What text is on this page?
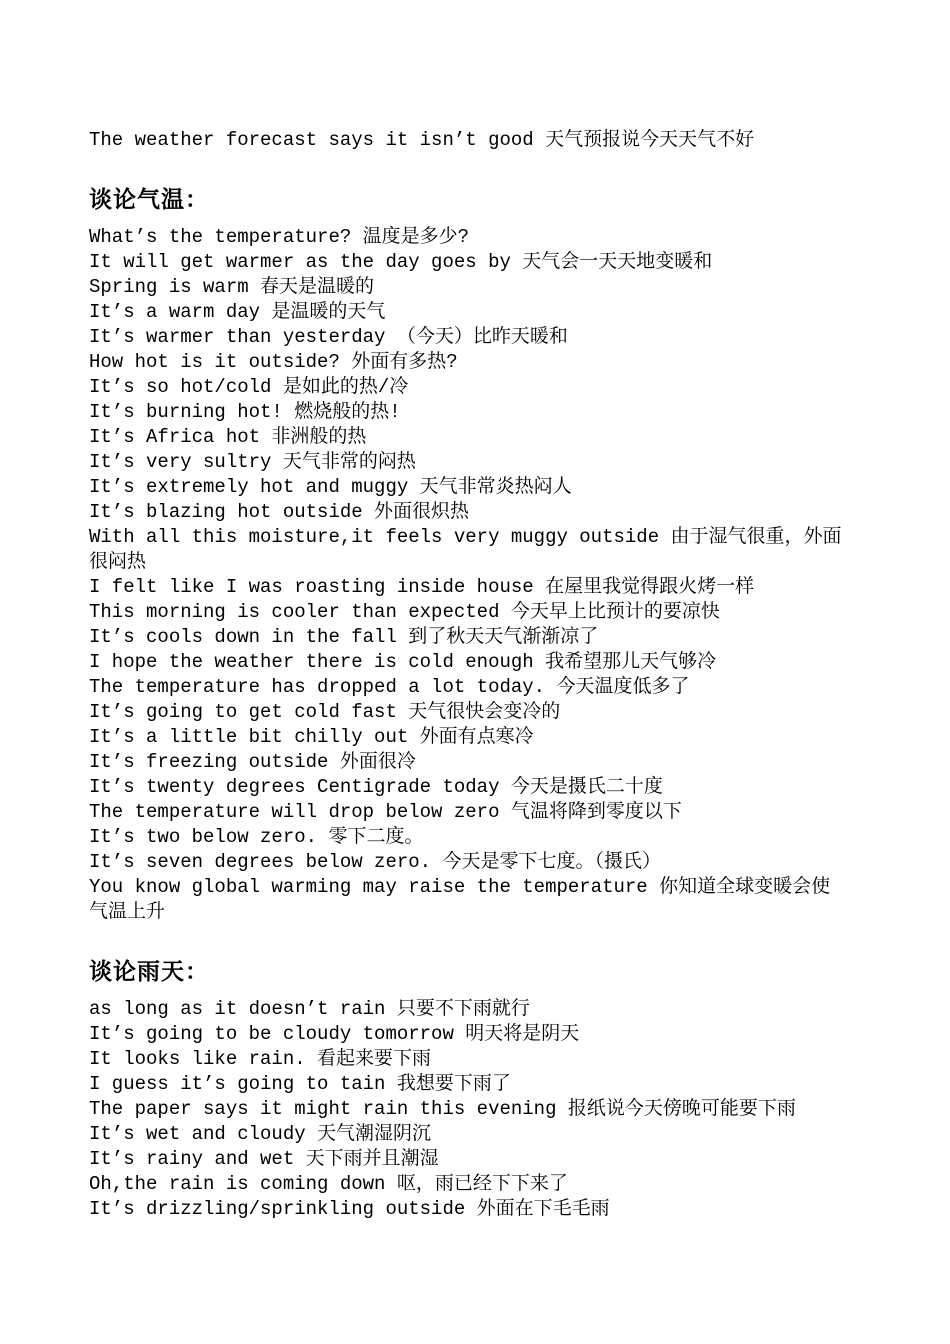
The weather forecast says it isn’t good 天气预报说今天天气不好

谈论气温：

What’s the temperature? 温度是多少?

It will get warmer as the day goes by 天气会一天天地变暖和

Spring is warm 春天是温暖的

It’s a warm day 是温暖的天气

It’s warmer than yesterday （今天）比昨天暖和

How hot is it outside? 外面有多热?

It’s so hot/cold 是如此的热/冷

It’s burning hot! 燃烧般的热!

It’s Africa hot 非洲般的热

It’s very sultry 天气非常的闷热

It’s extremely hot and muggy 天气非常炎热闷人

It’s blazing hot outside 外面很炽热

With all this moisture,it feels very muggy outside 由于湿气很重，外面很闷热

I felt like I was roasting inside house 在屋里我觉得跟火烤一样

This morning is cooler than expected 今天早上比预计的要凉快

It’s cools down in the fall 到了秋天天气渐渐凉了

I hope the weather there is cold enough 我希望那儿天气够冷

The temperature has dropped a lot today. 今天温度低多了

It’s going to get cold fast 天气很快会变冷的

It’s a little bit chilly out 外面有点寒冷

It’s freezing outside 外面很冷

It’s twenty degrees Centigrade today 今天是摄氏二十度

The temperature will drop below zero 气温将降到零度以下

It’s two below zero. 零下二度。

It’s seven degrees below zero. 今天是零下七度。（摄氏）

You know global warming may raise the temperature 你知道全球变暖会使气温上升

谈论雨天：

as long as it doesn’t rain 只要不下雨就行

It’s going to be cloudy tomorrow 明天将是阴天

It looks like rain. 看起来要下雨

I guess it’s going to tain 我想要下雨了

The paper says it might rain this evening 报纸说今天傍晚可能要下雨

It’s wet and cloudy 天气潮湿阴沉

It’s rainy and wet 天下雨并且潮湿

Oh,the rain is coming down 呕，雨已经下下来了

It’s drizzling/sprinkling outside 外面在下毛毛雨
